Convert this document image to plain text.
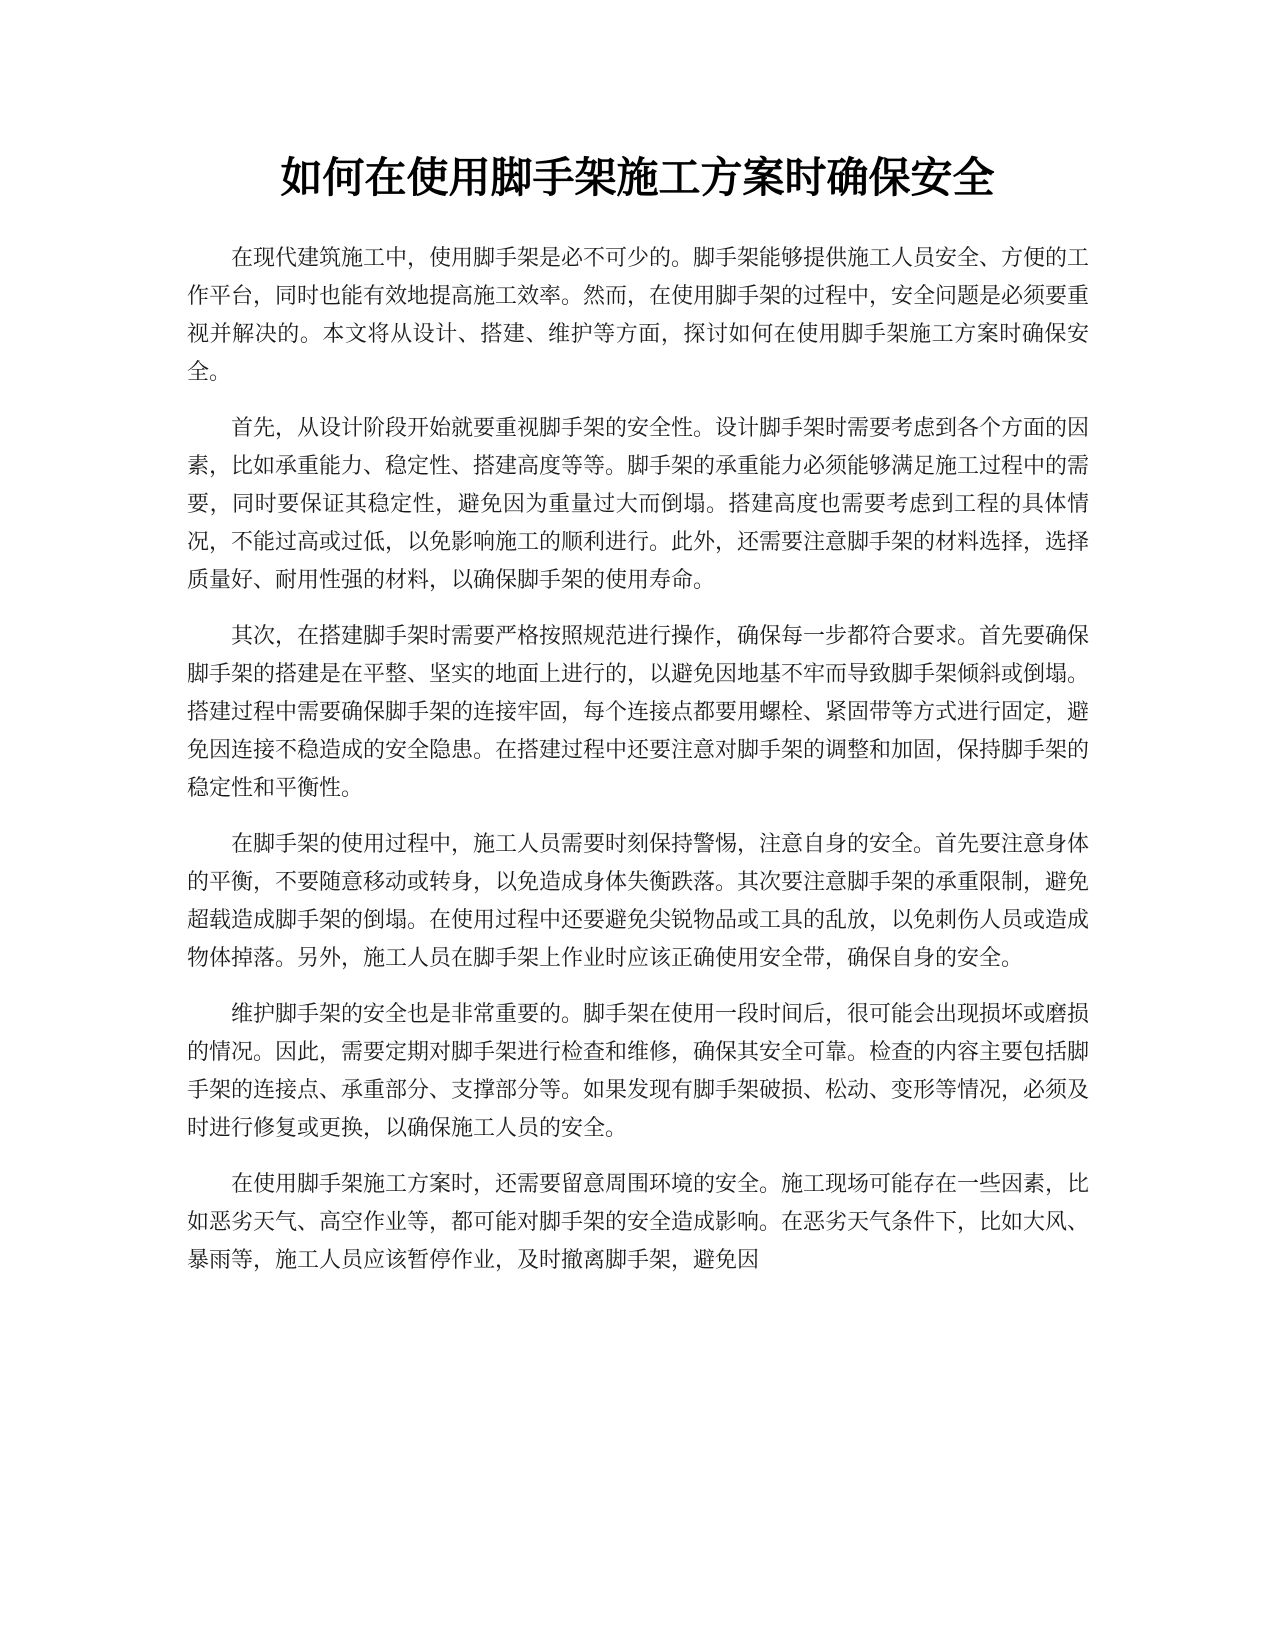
如何在使用脚手架施工方案时确保安全

在现代建筑施工中，使用脚手架是必不可少的。脚手架能够提供施工人员安全、方便的工作平台，同时也能有效地提高施工效率。然而，在使用脚手架的过程中，安全问题是必须要重视并解决的。本文将从设计、搭建、维护等方面，探讨如何在使用脚手架施工方案时确保安全。

首先，从设计阶段开始就要重视脚手架的安全性。设计脚手架时需要考虑到各个方面的因素，比如承重能力、稳定性、搭建高度等等。脚手架的承重能力必须能够满足施工过程中的需要，同时要保证其稳定性，避免因为重量过大而倒塌。搭建高度也需要考虑到工程的具体情况，不能过高或过低，以免影响施工的顺利进行。此外，还需要注意脚手架的材料选择，选择质量好、耐用性强的材料，以确保脚手架的使用寿命。

其次，在搭建脚手架时需要严格按照规范进行操作，确保每一步都符合要求。首先要确保脚手架的搭建是在平整、坚实的地面上进行的，以避免因地基不牢而导致脚手架倾斜或倒塌。搭建过程中需要确保脚手架的连接牢固，每个连接点都要用螺栓、紧固带等方式进行固定，避免因连接不稳造成的安全隐患。在搭建过程中还要注意对脚手架的调整和加固，保持脚手架的稳定性和平衡性。

在脚手架的使用过程中，施工人员需要时刻保持警惕，注意自身的安全。首先要注意身体的平衡，不要随意移动或转身，以免造成身体失衡跌落。其次要注意脚手架的承重限制，避免超载造成脚手架的倒塌。在使用过程中还要避免尖锐物品或工具的乱放，以免刺伤人员或造成物体掉落。另外，施工人员在脚手架上作业时应该正确使用安全带，确保自身的安全。

维护脚手架的安全也是非常重要的。脚手架在使用一段时间后，很可能会出现损坏或磨损的情况。因此，需要定期对脚手架进行检查和维修，确保其安全可靠。检查的内容主要包括脚手架的连接点、承重部分、支撑部分等。如果发现有脚手架破损、松动、变形等情况，必须及时进行修复或更换，以确保施工人员的安全。

在使用脚手架施工方案时，还需要留意周围环境的安全。施工现场可能存在一些因素，比如恶劣天气、高空作业等，都可能对脚手架的安全造成影响。在恶劣天气条件下，比如大风、暴雨等，施工人员应该暂停作业，及时撤离脚手架，避免因
